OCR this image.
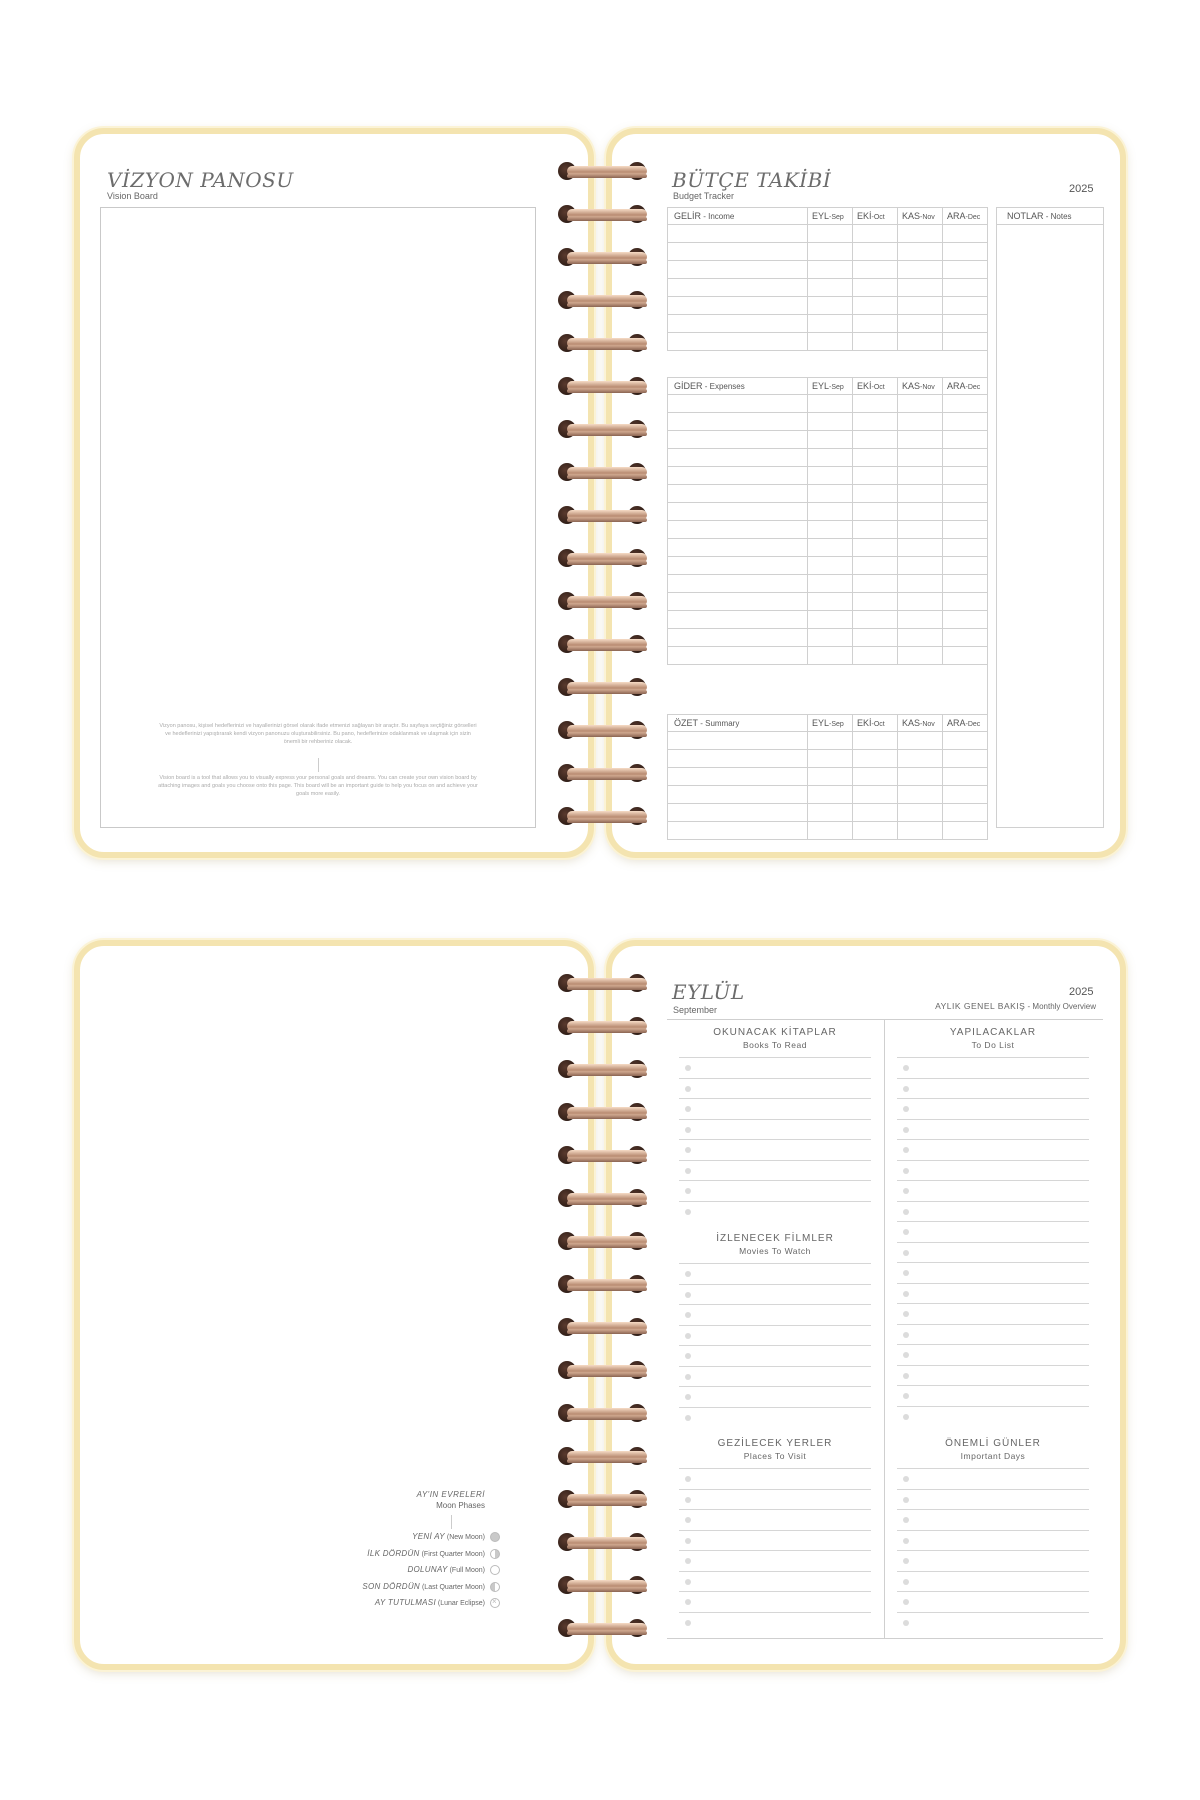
VİZYON PANOSU
Vision Board
Vizyon panosu, kişisel hedeflerinizi ve hayallerinizi görsel olarak ifade etmenizi sağlayan bir araçtır. Bu sayfaya seçtiğiniz görselleri ve hedeflerinizi yapıştırarak kendi vizyon panonuzu oluşturabilirsiniz. Bu pano, hedeflerinize odaklanmak ve ulaşmak için sizin önemli bir rehberiniz olacak.
Vision board is a tool that allows you to visually express your personal goals and dreams. You can create your own vision board by attaching images and goals you choose onto this page. This board will be an important guide to help you focus on and achieve your goals more easily.
BÜTÇE TAKİBİ
Budget Tracker
2025
GELİR - Income	EYL-Sep	EKİ-Oct	KAS-Nov	ARA-Dec

GİDER - Expenses	EYL-Sep	EKİ-Oct	KAS-Nov	ARA-Dec

ÖZET - Summary	EYL-Sep	EKİ-Oct	KAS-Nov	ARA-Dec

NOTLAR - Notes
AY'IN EVRELERİ
Moon Phases
YENİ AY (New Moon)
İLK DÖRDÜN (First Quarter Moon)
DOLUNAY (Full Moon)
SON DÖRDÜN (Last Quarter Moon)
AY TUTULMASI (Lunar Eclipse) ×
EYLÜL
September
2025
AYLIK GENEL BAKIŞ - Monthly Overview
OKUNACAK KİTAPLAR
Books To Read
İZLENECEK FİLMLER
Movies To Watch
GEZİLECEK YERLER
Places To Visit
YAPILACAKLAR
To Do List
ÖNEMLİ GÜNLER
Important Days
